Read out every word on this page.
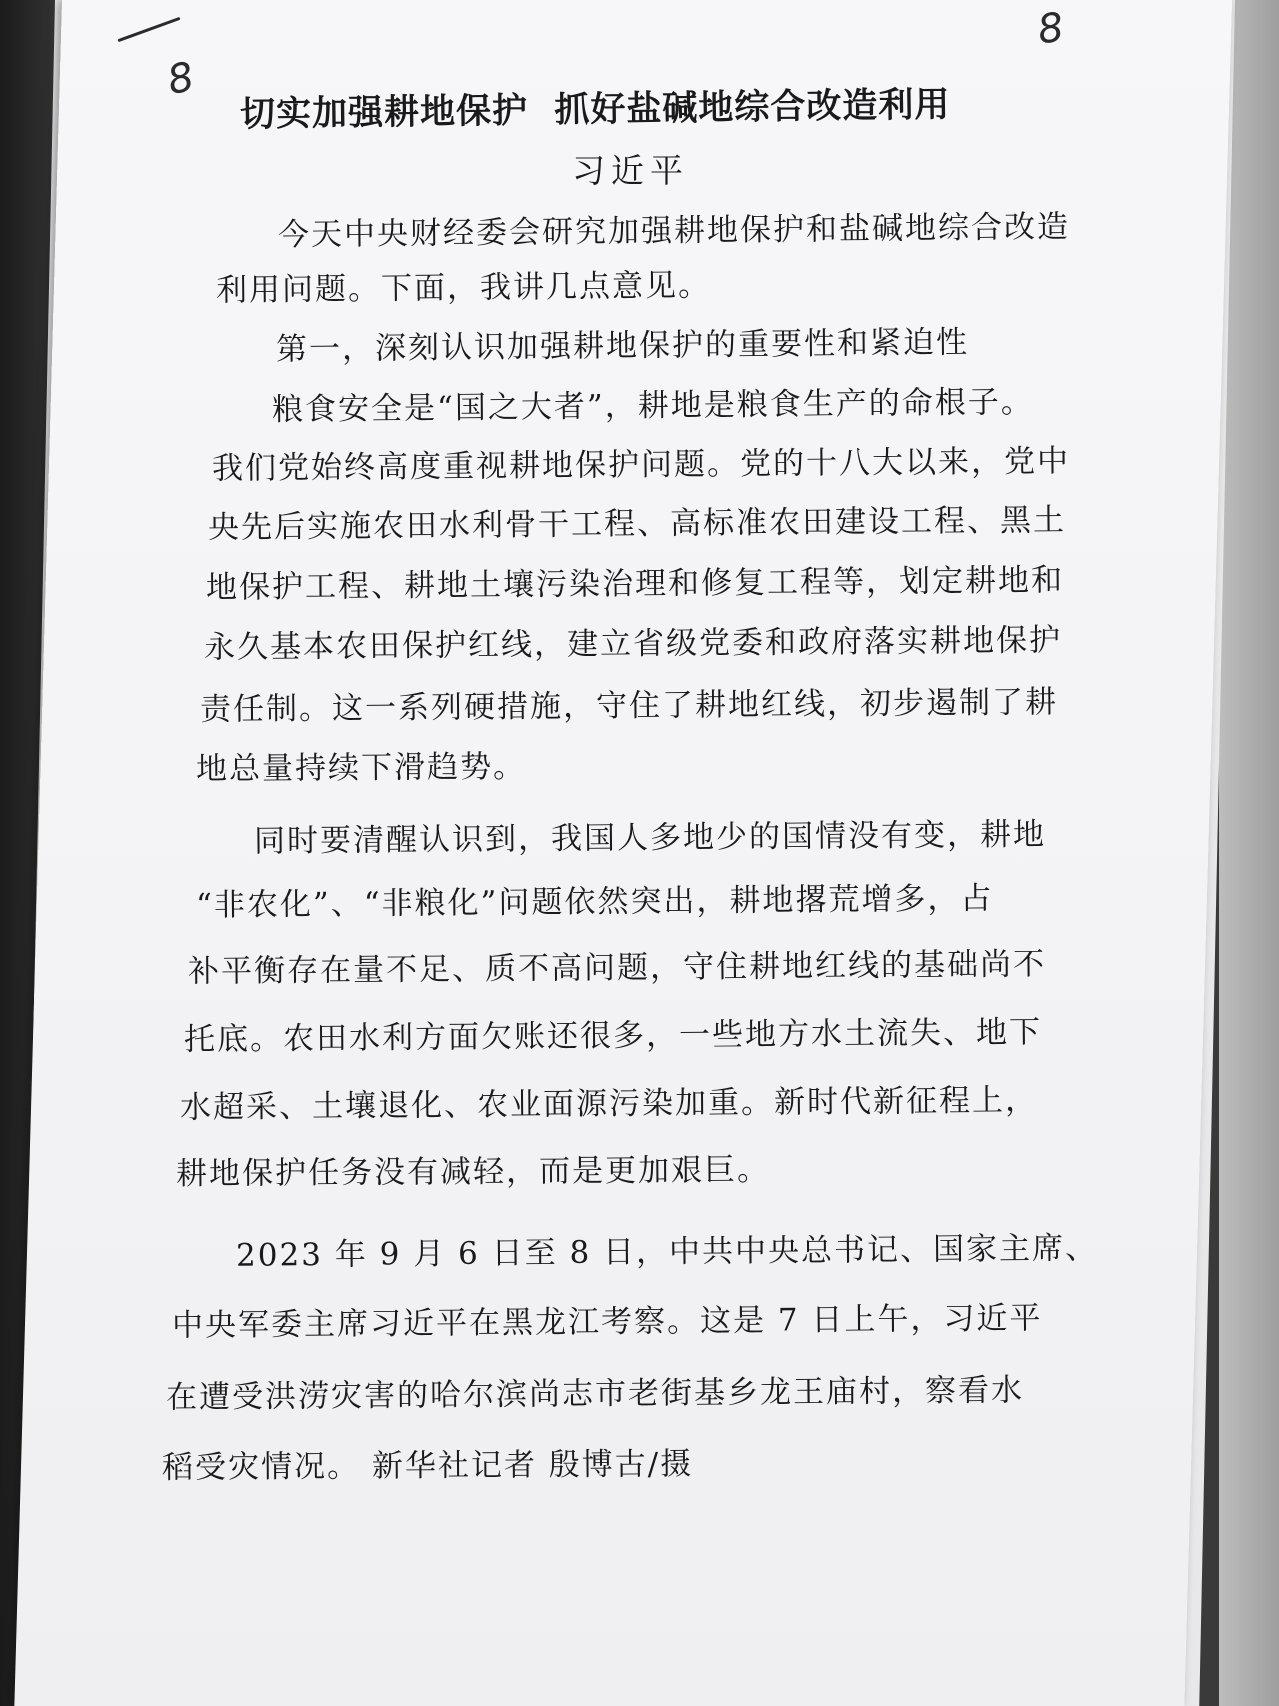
8
8
切实加强耕地保护  抓好盐碱地综合改造利用
习近平
今天中央财经委会研究加强耕地保护和盐碱地综合改造
利用问题。下面，我讲几点意见。
第一，深刻认识加强耕地保护的重要性和紧迫性
粮食安全是“国之大者”，耕地是粮食生产的命根子。
我们党始终高度重视耕地保护问题。党的十八大以来，党中
央先后实施农田水利骨干工程、高标准农田建设工程、黑土
地保护工程、耕地土壤污染治理和修复工程等，划定耕地和
永久基本农田保护红线，建立省级党委和政府落实耕地保护
责任制。这一系列硬措施，守住了耕地红线，初步遏制了耕
地总量持续下滑趋势。
同时要清醒认识到，我国人多地少的国情没有变，耕地
“非农化”、“非粮化”问题依然突出，耕地撂荒增多，占
补平衡存在量不足、质不高问题，守住耕地红线的基础尚不
托底。农田水利方面欠账还很多，一些地方水土流失、地下
水超采、土壤退化、农业面源污染加重。新时代新征程上，
耕地保护任务没有减轻，而是更加艰巨。
2023 年 9 月 6 日至 8 日，中共中央总书记、国家主席、
中央军委主席习近平在黑龙江考察。这是 7 日上午，习近平
在遭受洪涝灾害的哈尔滨尚志市老街基乡龙王庙村，察看水
稻受灾情况。 新华社记者 殷博古/摄
